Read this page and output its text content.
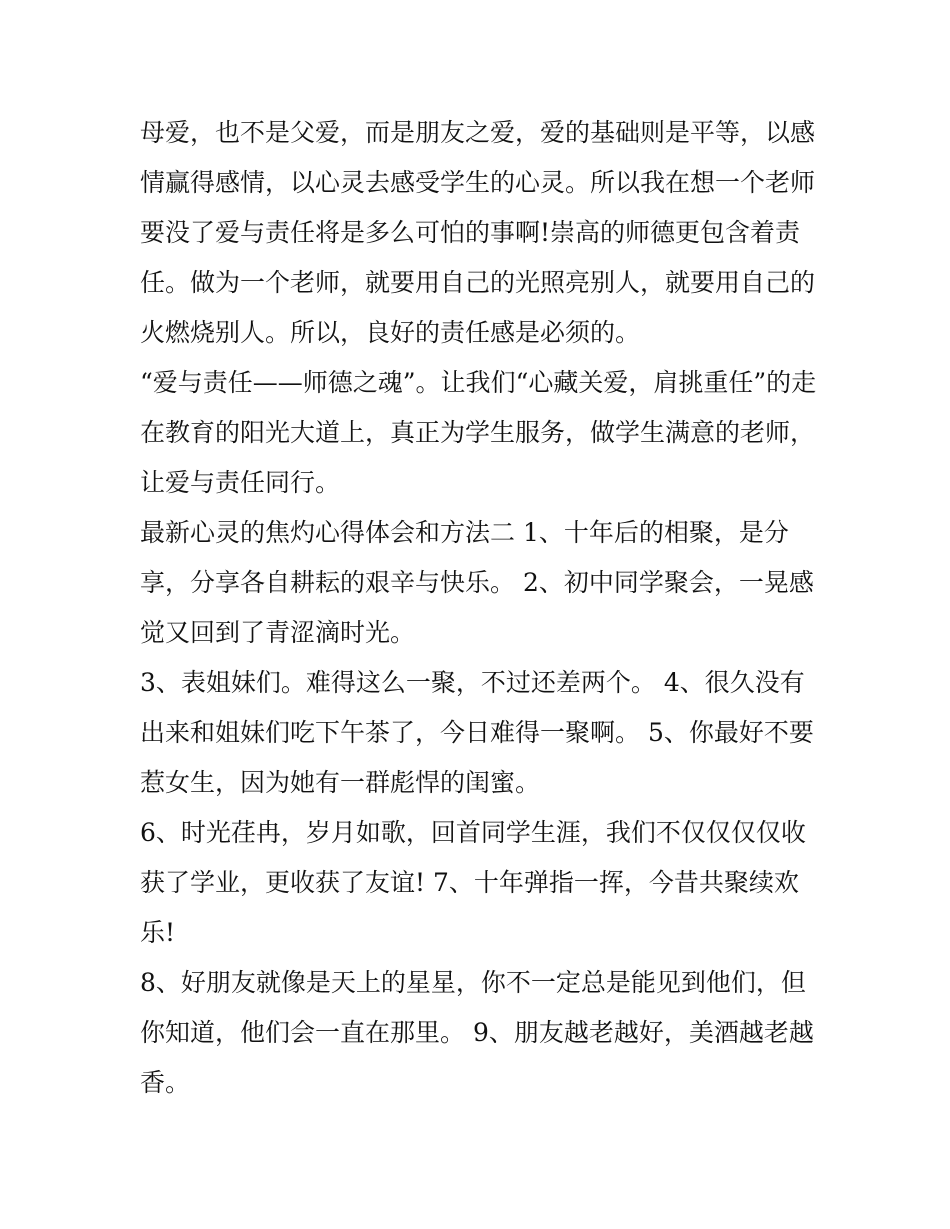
母爱，也不是父爱，而是朋友之爱，爱的基础则是平等，以感
情赢得感情，以心灵去感受学生的心灵。所以我在想一个老师
要没了爱与责任将是多么可怕的事啊!崇高的师德更包含着责
任。做为一个老师，就要用自己的光照亮别人，就要用自己的
火燃烧别人。所以，良好的责任感是必须的。
“爱与责任——师德之魂”。让我们“心藏关爱，肩挑重任”的走
在教育的阳光大道上，真正为学生服务，做学生满意的老师，
让爱与责任同行。
最新心灵的焦灼心得体会和方法二 1、十年后的相聚，是分
享，分享各自耕耘的艰辛与快乐。 2、初中同学聚会，一晃感
觉又回到了青涩滴时光。
3、表姐妹们。难得这么一聚，不过还差两个。 4、很久没有
出来和姐妹们吃下午茶了，今日难得一聚啊。 5、你最好不要
惹女生，因为她有一群彪悍的闺蜜。
6、时光荏冉，岁月如歌，回首同学生涯，我们不仅仅仅仅收
获了学业，更收获了友谊! 7、十年弹指一挥，今昔共聚续欢
乐!
8、好朋友就像是天上的星星，你不一定总是能见到他们，但
你知道，他们会一直在那里。 9、朋友越老越好，美酒越老越
香。
